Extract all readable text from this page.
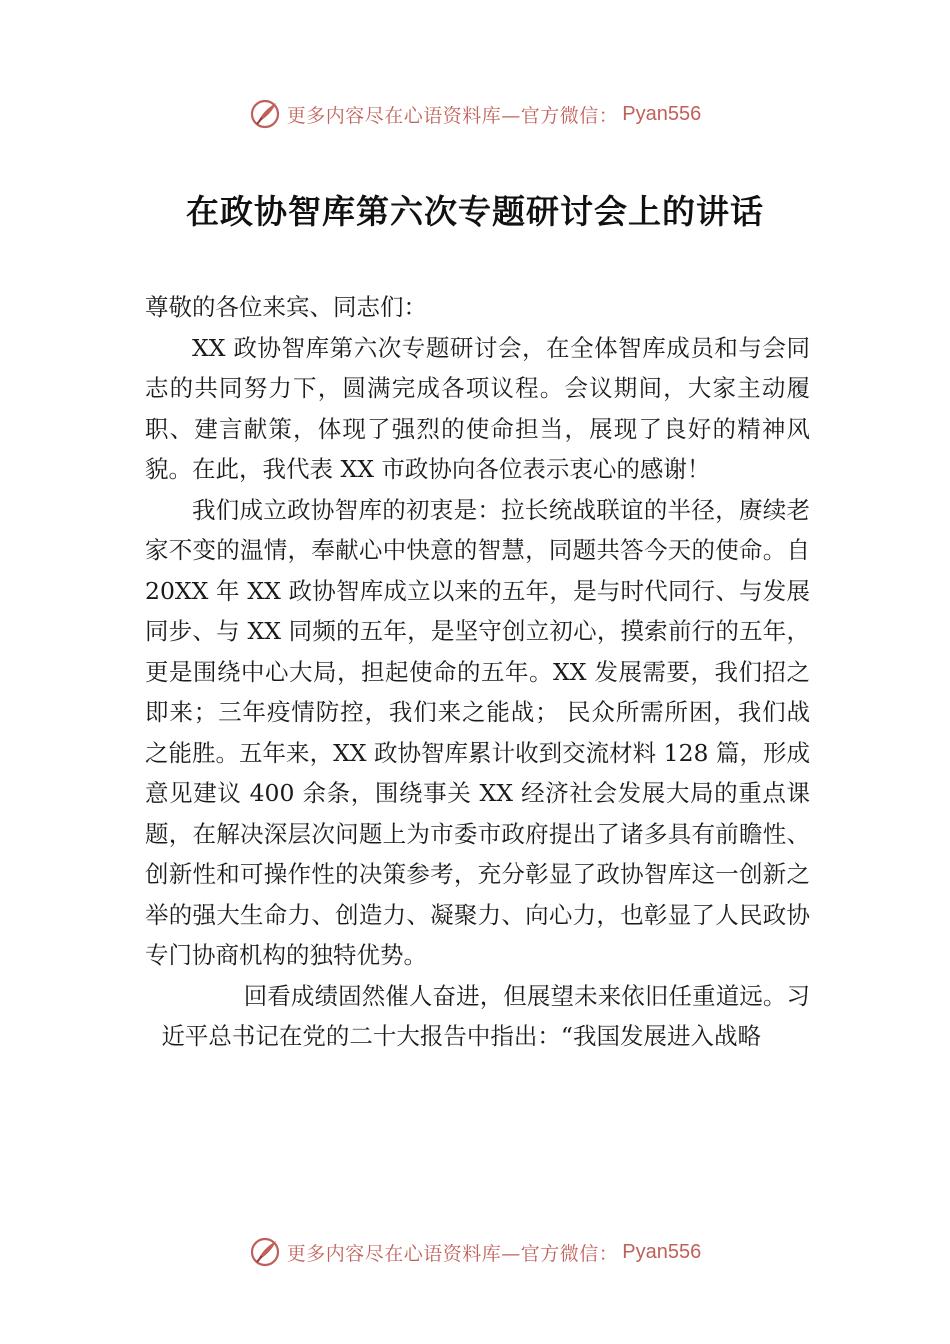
更多内容尽在心语资料库—官方微信： Pyan556
在政协智库第六次专题研讨会上的讲话

尊敬的各位来宾、同志们：

XX 政协智库第六次专题研讨会，在全体智库成员和与会同志的共同努力下，圆满完成各项议程。会议期间，大家主动履职、建言献策，体现了强烈的使命担当，展现了良好的精神风貌。在此，我代表 XX 市政协向各位表示衷心的感谢！

我们成立政协智库的初衷是：拉长统战联谊的半径，赓续老家不变的温情，奉献心中快意的智慧，同题共答今天的使命。自 20XX 年 XX 政协智库成立以来的五年，是与时代同行、与发展同步、与 XX 同频的五年，是坚守创立初心，摸索前行的五年，更是围绕中心大局，担起使命的五年。XX 发展需要，我们招之即来；三年疫情防控，我们来之能战； 民众所需所困，我们战之能胜。五年来，XX 政协智库累计收到交流材料 128 篇，形成意见建议 400 余条，围绕事关 XX 经济社会发展大局的重点课题，在解决深层次问题上为市委市政府提出了诸多具有前瞻性、创新性和可操作性的决策参考，充分彰显了政协智库这一创新之举的强大生命力、创造力、凝聚力、向心力，也彰显了人民政协专门协商机构的独特优势。

回看成绩固然催人奋进，但展望未来依旧任重道远。习近平总书记在党的二十大报告中指出：“我国发展进入战略

更多内容尽在心语资料库—官方微信： Pyan556
